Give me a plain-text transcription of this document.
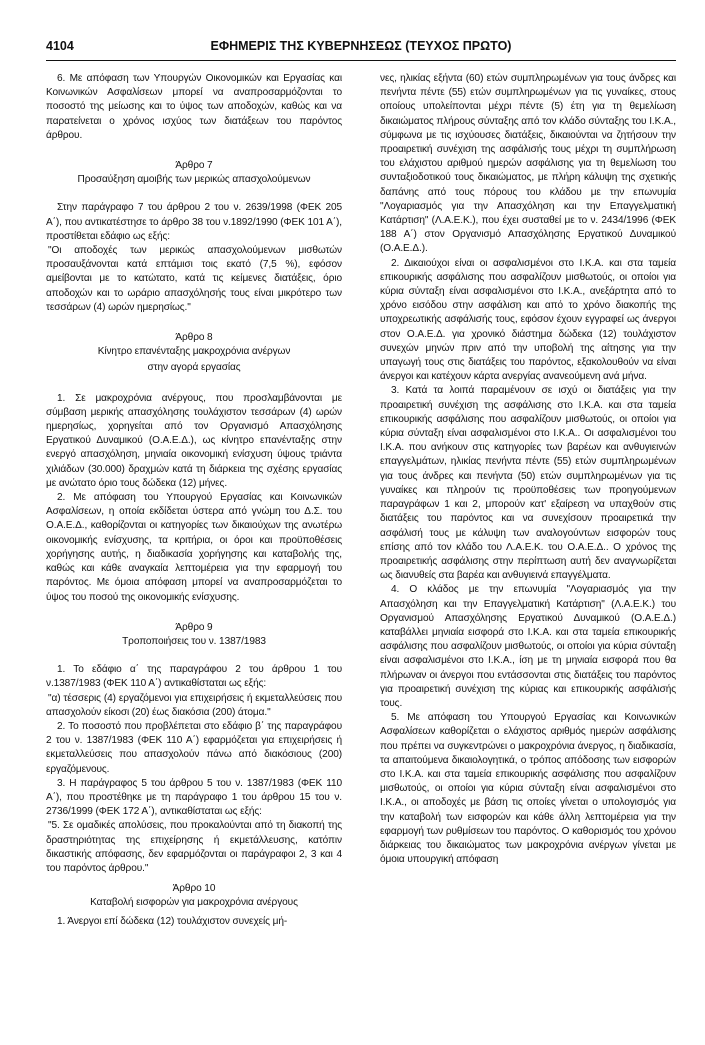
4104	ΕΦΗΜΕΡΙΣ ΤΗΣ ΚΥΒΕΡΝΗΣΕΩΣ (ΤΕΥΧΟΣ ΠΡΩΤΟ)

6. Με απόφαση των Υπουργών Οικονομικών και Εργασίας και Κοινωνικών Ασφαλίσεων μπορεί να αναπροσαρμόζονται το ποσοστό της μείωσης και το ύψος των αποδοχών, καθώς και να παρατείνεται ο χρόνος ισχύος των διατάξεων του παρόντος άρθρου.

Άρθρο 7
Προσαύξηση αμοιβής των μερικώς απασχολούμενων

Στην παράγραφο 7 του άρθρου 2 του ν. 2639/1998 (ΦΕΚ 205 Α΄), που αντικατέστησε το άρθρο 38 του ν.1892/1990 (ΦΕΚ 101 Α΄), προστίθεται εδάφιο ως εξής:

"Οι αποδοχές των μερικώς απασχολούμενων μισθωτών προσαυξάνονται κατά επτάμισι τοις εκατό (7,5 %), εφόσον αμείβονται με το κατώτατο, κατά τις κείμενες διατάξεις, όριο αποδοχών και το ωράριο απασχόλησής τους είναι μικρότερο των τεσσάρων (4) ωρών ημερησίως."

Άρθρο 8
Κίνητρο επανένταξης μακροχρόνια ανέργων
στην αγορά εργασίας

1. Σε μακροχρόνια ανέργους, που προσλαμβάνονται με σύμβαση μερικής απασχόλησης τουλάχιστον τεσσάρων (4) ωρών ημερησίως, χορηγείται από τον Οργανισμό Απασχόλησης Εργατικού Δυναμικού (Ο.Α.Ε.Δ.), ως κίνητρο επανένταξης στην ενεργό απασχόληση, μηνιαία οικονομική ενίσχυση ύψους τριάντα χιλιάδων (30.000) δραχμών κατά τη διάρκεια της σχέσης εργασίας με ανώτατο όριο τους δώδεκα (12) μήνες.

2. Με απόφαση του Υπουργού Εργασίας και Κοινωνικών Ασφαλίσεων, η οποία εκδίδεται ύστερα από γνώμη του Δ.Σ. του Ο.Α.Ε.Δ., καθορίζονται οι κατηγορίες των δικαιούχων της ανωτέρω οικονομικής ενίσχυσης, τα κριτήρια, οι όροι και προϋποθέσεις χορήγησης αυτής, η διαδικασία χορήγησης και καταβολής της, καθώς και κάθε αναγκαία λεπτομέρεια για την εφαρμογή του παρόντος. Με όμοια απόφαση μπορεί να αναπροσαρμόζεται το ύψος του ποσού της οικονομικής ενίσχυσης.

Άρθρο 9
Τροποποιήσεις του ν. 1387/1983

1. Το εδάφιο α΄ της παραγράφου 2 του άρθρου 1 του ν.1387/1983 (ΦΕΚ 110 Α΄) αντικαθίσταται ως εξής:

"α) τέσσερις (4) εργαζόμενοι για επιχειρήσεις ή εκμεταλλεύσεις που απασχολούν είκοσι (20) έως διακόσια (200) άτομα."

2. Το ποσοστό που προβλέπεται στο εδάφιο β΄ της παραγράφου 2 του ν. 1387/1983 (ΦΕΚ 110 Α΄) εφαρμόζεται για επιχειρήσεις ή εκμεταλλεύσεις που απασχολούν πάνω από διακόσιους (200) εργαζόμενους.

3. Η παράγραφος 5 του άρθρου 5 του ν. 1387/1983 (ΦΕΚ 110 Α΄), που προστέθηκε με τη παράγραφο 1 του άρθρου 15 του ν. 2736/1999 (ΦΕΚ 172 Α΄), αντικαθίσταται ως εξής:

"5. Σε ομαδικές απολύσεις, που προκαλούνται από τη διακοπή της δραστηριότητας της επιχείρησης ή εκμετάλλευσης, κατόπιν δικαστικής απόφασης, δεν εφαρμόζονται οι παράγραφοι 2, 3 και 4 του παρόντος άρθρου."

Άρθρο 10
Καταβολή εισφορών για μακροχρόνια ανέργους

1. Άνεργοι επί δώδεκα (12) τουλάχιστον συνεχείς μή-

νες, ηλικίας εξήντα (60) ετών συμπληρωμένων για τους άνδρες και πενήντα πέντε (55) ετών συμπληρωμένων για τις γυναίκες, στους οποίους υπολείπονται μέχρι πέντε (5) έτη για τη θεμελίωση δικαιώματος πλήρους σύνταξης από τον κλάδο σύνταξης του Ι.Κ.Α., σύμφωνα με τις ισχύουσες διατάξεις, δικαιούνται να ζητήσουν την προαιρετική συνέχιση της ασφάλισής τους μέχρι τη συμπλήρωση του ελάχιστου αριθμού ημερών ασφάλισης για τη θεμελίωση του συνταξιοδοτικού τους δικαιώματος, με πλήρη κάλυψη της σχετικής δαπάνης από τους πόρους του κλάδου με την επωνυμία "Λογαριασμός για την Απασχόληση και την Επαγγελματική Κατάρτιση" (Λ.Α.Ε.Κ.), που έχει συσταθεί με το ν. 2434/1996 (ΦΕΚ 188 Α΄) στον Οργανισμό Απασχόλησης Εργατικού Δυναμικού (Ο.Α.Ε.Δ.).

2. Δικαιούχοι είναι οι ασφαλισμένοι στο Ι.Κ.Α. και στα ταμεία επικουρικής ασφάλισης που ασφαλίζουν μισθωτούς, οι οποίοι για κύρια σύνταξη είναι ασφαλισμένοι στο Ι.Κ.Α., ανεξάρτητα από το χρόνο εισόδου στην ασφάλιση και από το χρόνο διακοπής της υποχρεωτικής ασφάλισής τους, εφόσον έχουν εγγραφεί ως άνεργοι στον Ο.Α.Ε.Δ. για χρονικό διάστημα δώδεκα (12) τουλάχιστον συνεχών μηνών πριν από την υποβολή της αίτησης για την υπαγωγή τους στις διατάξεις του παρόντος, εξακολουθούν να είναι άνεργοι και κατέχουν κάρτα ανεργίας ανανεούμενη ανά μήνα.

3. Κατά τα λοιπά παραμένουν σε ισχύ οι διατάξεις για την προαιρετική συνέχιση της ασφάλισης στο Ι.Κ.Α. και στα ταμεία επικουρικής ασφάλισης που ασφαλίζουν μισθωτούς, οι οποίοι για κύρια σύνταξη είναι ασφαλισμένοι στο Ι.Κ.Α.. Οι ασφαλισμένοι του Ι.Κ.Α. που ανήκουν στις κατηγορίες των βαρέων και ανθυγιεινών επαγγελμάτων, ηλικίας πενήντα πέντε (55) ετών συμπληρωμένων για τους άνδρες και πενήντα (50) ετών συμπληρωμένων για τις γυναίκες και πληρούν τις προϋποθέσεις των προηγούμενων παραγράφων 1 και 2, μπορούν κατ' εξαίρεση να υπαχθούν στις διατάξεις του παρόντος και να συνεχίσουν προαιρετικά την ασφάλισή τους με κάλυψη των αναλογούντων εισφορών τους επίσης από τον κλάδο του Λ.Α.Ε.Κ. του Ο.Α.Ε.Δ.. Ο χρόνος της προαιρετικής ασφάλισης στην περίπτωση αυτή δεν αναγνωρίζεται ως διανυθείς στα βαρέα και ανθυγιεινά επαγγέλματα.

4. Ο κλάδος με την επωνυμία "Λογαριασμός για την Απασχόληση και την Επαγγελματική Κατάρτιση" (Λ.Α.Ε.Κ.) του Οργανισμού Απασχόλησης Εργατικού Δυναμικού (Ο.Α.Ε.Δ.) καταβάλλει μηνιαία εισφορά στο Ι.Κ.Α. και στα ταμεία επικουρικής ασφάλισης που ασφαλίζουν μισθωτούς, οι οποίοι για κύρια σύνταξη είναι ασφαλισμένοι στο Ι.Κ.Α., ίση με τη μηνιαία εισφορά που θα πλήρωναν οι άνεργοι που εντάσσονται στις διατάξεις του παρόντος για προαιρετική συνέχιση της κύριας και επικουρικής ασφάλισής τους.

5. Με απόφαση του Υπουργού Εργασίας και Κοινωνικών Ασφαλίσεων καθορίζεται ο ελάχιστος αριθμός ημερών ασφάλισης που πρέπει να συγκεντρώνει ο μακροχρόνια άνεργος, η διαδικασία, τα απαιτούμενα δικαιολογητικά, ο τρόπος απόδοσης των εισφορών στο Ι.Κ.Α. και στα ταμεία επικουρικής ασφάλισης που ασφαλίζουν μισθωτούς, οι οποίοι για κύρια σύνταξη είναι ασφαλισμένοι στο Ι.Κ.Α., οι αποδοχές με βάση τις οποίες γίνεται ο υπολογισμός για την καταβολή των εισφορών και κάθε άλλη λεπτομέρεια για την εφαρμογή των ρυθμίσεων του παρόντος. Ο καθορισμός του χρόνου διάρκειας του δικαιώματος των μακροχρόνια ανέργων γίνεται με όμοια υπουργική απόφαση
